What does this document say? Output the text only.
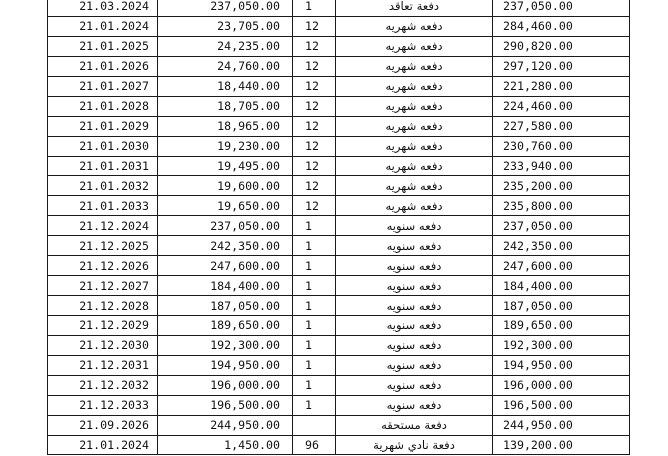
21.03.2024	237,050.00	1	دفعة تعاقد	237,050.00
21.01.2024	23,705.00	12	دفعه شهريه	284,460.00
21.01.2025	24,235.00	12	دفعه شهريه	290,820.00
21.01.2026	24,760.00	12	دفعه شهريه	297,120.00
21.01.2027	18,440.00	12	دفعه شهريه	221,280.00
21.01.2028	18,705.00	12	دفعه شهريه	224,460.00
21.01.2029	18,965.00	12	دفعه شهريه	227,580.00
21.01.2030	19,230.00	12	دفعه شهريه	230,760.00
21.01.2031	19,495.00	12	دفعه شهريه	233,940.00
21.01.2032	19,600.00	12	دفعه شهريه	235,200.00
21.01.2033	19,650.00	12	دفعه شهريه	235,800.00
21.12.2024	237,050.00	1	دفعه سنويه	237,050.00
21.12.2025	242,350.00	1	دفعه سنويه	242,350.00
21.12.2026	247,600.00	1	دفعه سنويه	247,600.00
21.12.2027	184,400.00	1	دفعه سنويه	184,400.00
21.12.2028	187,050.00	1	دفعه سنويه	187,050.00
21.12.2029	189,650.00	1	دفعه سنويه	189,650.00
21.12.2030	192,300.00	1	دفعه سنويه	192,300.00
21.12.2031	194,950.00	1	دفعه سنويه	194,950.00
21.12.2032	196,000.00	1	دفعه سنويه	196,000.00
21.12.2033	196,500.00	1	دفعه سنويه	196,500.00
21.09.2026	244,950.00		دفعة مستحقه	244,950.00
21.01.2024	1,450.00	96	دفعة نادي شهرية	139,200.00
